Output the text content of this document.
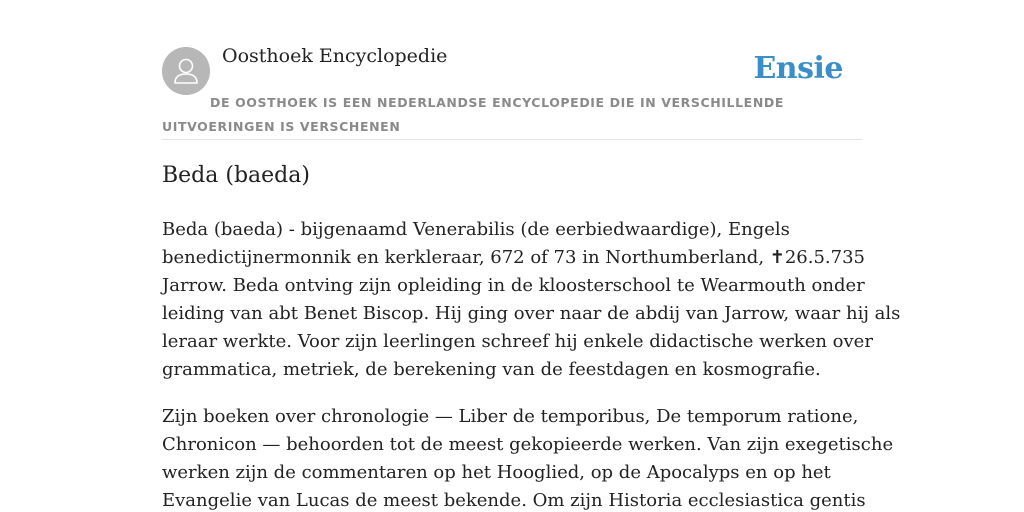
Oosthoek Encyclopedie	Ensie
DE OOSTHOEK IS EEN NEDERLANDSE ENCYCLOPEDIE DIE IN VERSCHILLENDE UITVOERINGEN IS VERSCHENEN
Beda (baeda)

Beda (baeda) - bijgenaamd Venerabilis (de eerbiedwaardige), Engels
benedictijnermonnik en kerkleraar, 672 of 73 in Northumberland, ✝26.5.735
Jarrow. Beda ontving zijn opleiding in de kloosterschool te Wearmouth onder
leiding van abt Benet Biscop. Hij ging over naar de abdij van Jarrow, waar hij als
leraar werkte. Voor zijn leerlingen schreef hij enkele didactische werken over
grammatica, metriek, de berekening van de feestdagen en kosmografie.

Zijn boeken over chronologie — Liber de temporibus, De temporum ratione,
Chronicon — behoorden tot de meest gekopieerde werken. Van zijn exegetische
werken zijn de commentaren op het Hooglied, op de Apocalyps en op het
Evangelie van Lucas de meest bekende. Om zijn Historia ecclesiastica gentis
